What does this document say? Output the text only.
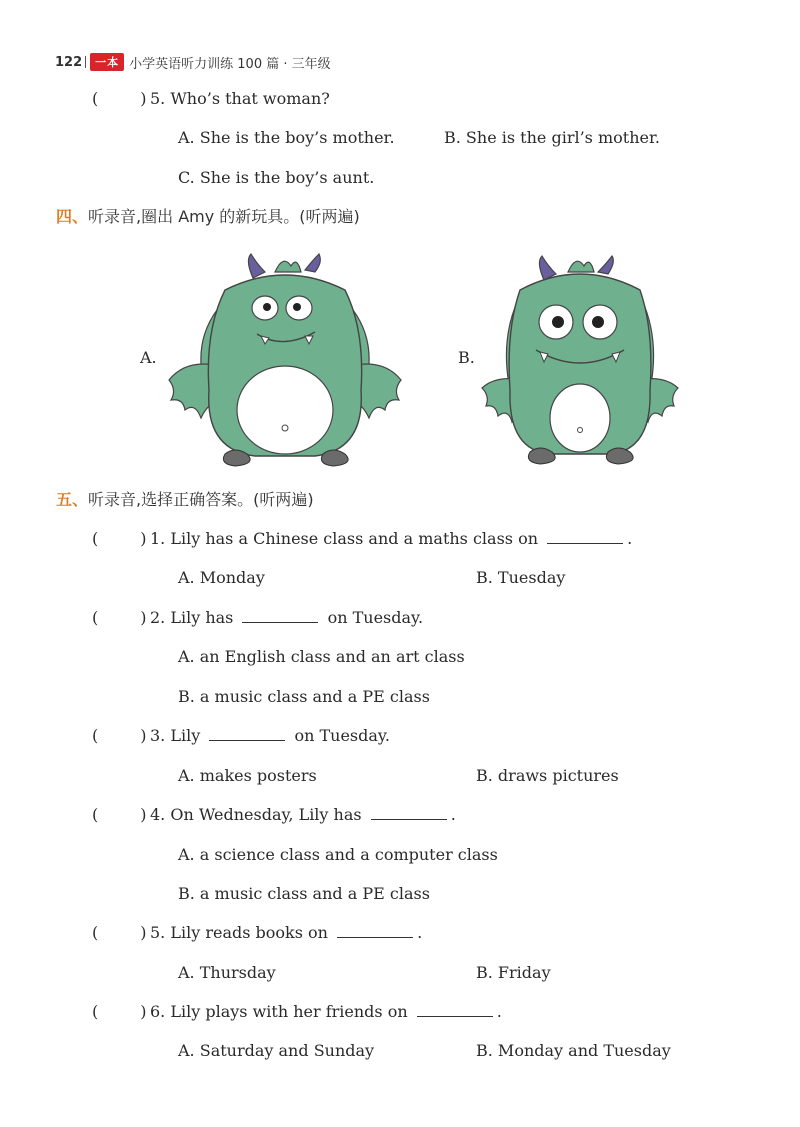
122	一本 小学英语听力训练 100 篇 · 三年级
(	) 5. Who’s that woman?
A. She is the boy’s mother.	B. She is the girl’s mother.
C. She is the boy’s aunt.
四、听录音,圈出 Amy 的新玩具。(听两遍)
A.	B.
五、听录音,选择正确答案。(听两遍)
(	) 1. Lily has a Chinese class and a maths class on	.
A. Monday	B. Tuesday
(	) 2. Lily has	on Tuesday.
A. an English class and an art class
B. a music class and a PE class
(	) 3. Lily	on Tuesday.
A. makes posters	B. draws pictures
(	) 4. On Wednesday, Lily has	.
A. a science class and a computer class
B. a music class and a PE class
(	) 5. Lily reads books on	.
A. Thursday	B. Friday
(	) 6. Lily plays with her friends on	.
A. Saturday and Sunday	B. Monday and Tuesday
